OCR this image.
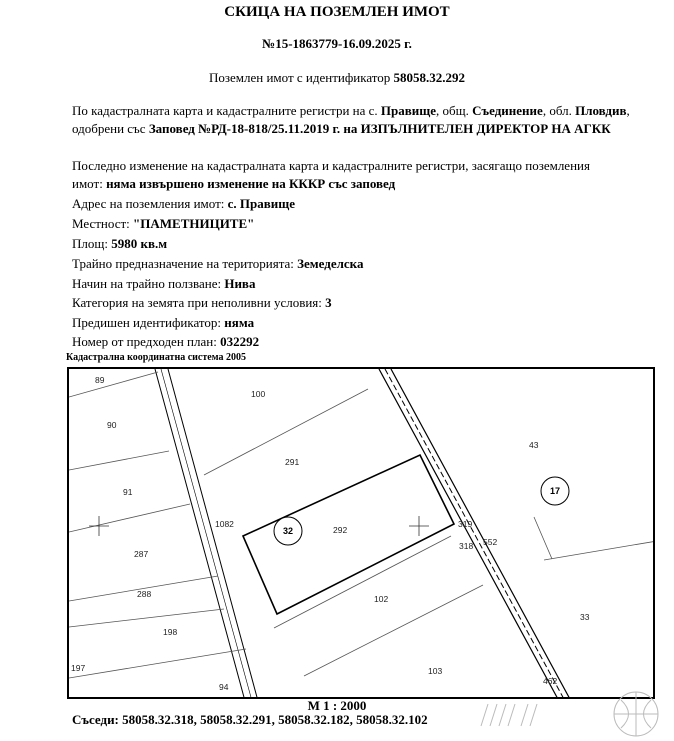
СКИЦА НА ПОЗЕМЛЕН ИМОТ
№15-1863779-16.09.2025 г.
Поземлен имот с идентификатор 58058.32.292
По кадастралната карта и кадастралните регистри на с. Правище, общ. Съединение, обл. Пловдив, одобрени със Заповед №РД-18-818/25.11.2019 г. на ИЗПЪЛНИТЕЛЕН ДИРЕКТОР НА АГКК
Последно изменение на кадастралната карта и кадастралните регистри, засягащо поземления
имот: няма извършено изменение на КККР със заповед
Адрес на поземления имот: с. Правище
Местност: "ПАМЕТНИЦИТЕ"
Площ: 5980 кв.м
Трайно предназначение на територията: Земеделска
Начин на трайно ползване: Нива
Категория на земята при неполивни условия: 3
Предишен идентификатор: няма
Номер от предходен план: 032292
Кадастрална координатна система 2005
32
17
89
90
91
287
288
198
197
94
100
291
292
102
103
1082
318
319
552
43
33
462
М 1 : 2000
Съседи: 58058.32.318, 58058.32.291, 58058.32.182, 58058.32.102
